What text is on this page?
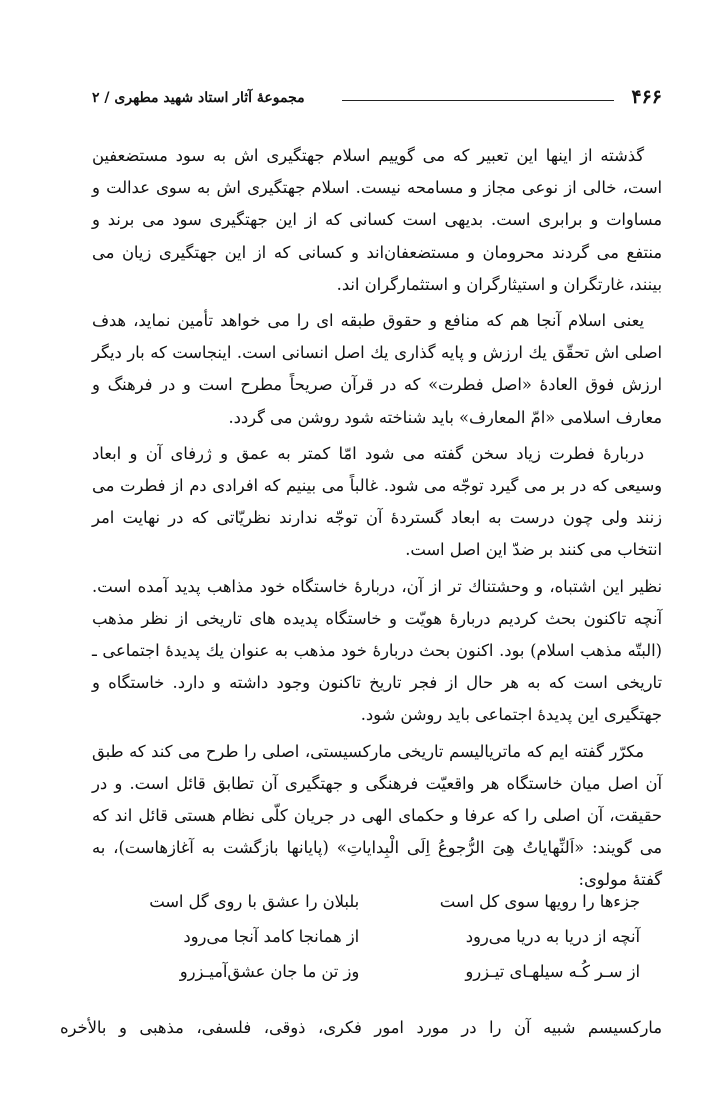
۴۶۶
مجموعهٔ آثار استاد شهید مطهری / ۲

گذشته از اینها این تعبیر که می گوییم اسلام جهتگیری اش به سود مستضعفین است، خالی از نوعی مجاز و مسامحه نیست. اسلام جهتگیری اش به سوی عدالت و مساوات و برابری است. بدیهی است کسانی که از این جهتگیری سود می برند و منتفع می گردند محرومان و مستضعفان‌اند و کسانی که از این جهتگیری زیان می بینند، غارتگران و استیثارگران و استثمارگران اند.

یعنی اسلام آنجا هم که منافع و حقوق طبقه ای را می خواهد تأمین نماید، هدف اصلی اش تحقّق یك ارزش و پایه گذاری یك اصل انسانی است. اینجاست که بار دیگر ارزش فوق العادهٔ «اصل فطرت» که در قرآن صریحاً مطرح است و در فرهنگ و معارف اسلامی «امّ المعارف» باید شناخته شود روشن می گردد.

دربارهٔ فطرت زیاد سخن گفته می شود امّا کمتر به عمق و ژرفای آن و ابعاد وسیعی که در بر می گیرد توجّه می شود. غالباً می بینیم که افرادی دم از فطرت می زنند ولی چون درست به ابعاد گستردهٔ آن توجّه ندارند نظریّاتی که در نهایت امر انتخاب می کنند بر ضدّ این اصل است.

نظیر این اشتباه، و وحشتناك تر از آن، دربارهٔ خاستگاه خود مذاهب پدید آمده است. آنچه تاکنون بحث کردیم دربارهٔ هویّت و خاستگاه پدیده های تاریخی از نظر مذهب (البتّه مذهب اسلام) بود. اکنون بحث دربارهٔ خود مذهب به عنوان یك پدیدهٔ اجتماعی ـ تاریخی است که به هر حال از فجر تاریخ تاکنون وجود داشته و دارد. خاستگاه و جهتگیری این پدیدهٔ اجتماعی باید روشن شود.

مکرّر گفته ایم که ماتریالیسم تاریخی مارکسیستی، اصلی را طرح می کند که طبق آن اصل میان خاستگاه هر واقعیّت فرهنگی و جهتگیری آن تطابق قائل است. و در حقیقت، آن اصلی را که عرفا و حکمای الهی در جریان کلّی نظام هستی قائل اند که می گویند: «اَلنِّهایاتُ هِیَ الرُّجوعُ اِلَی الْبِدایاتِ» (پایانها بازگشت به آغازهاست)، به گفتهٔ مولوی:

جزءها را رویها سوی کل است
بلبلان را عشق با روی گل است
آنچه از دریا به دریا می‌رود
از همانجا کامد آنجا می‌رود
از سـر کُـه سیلهـای تیـزرو
وز تن ما جان عشق‌آمیـزرو
مارکسیسم شبیه آن را در مورد امور فکری، ذوقی، فلسفی، مذهبی و بالأخره
